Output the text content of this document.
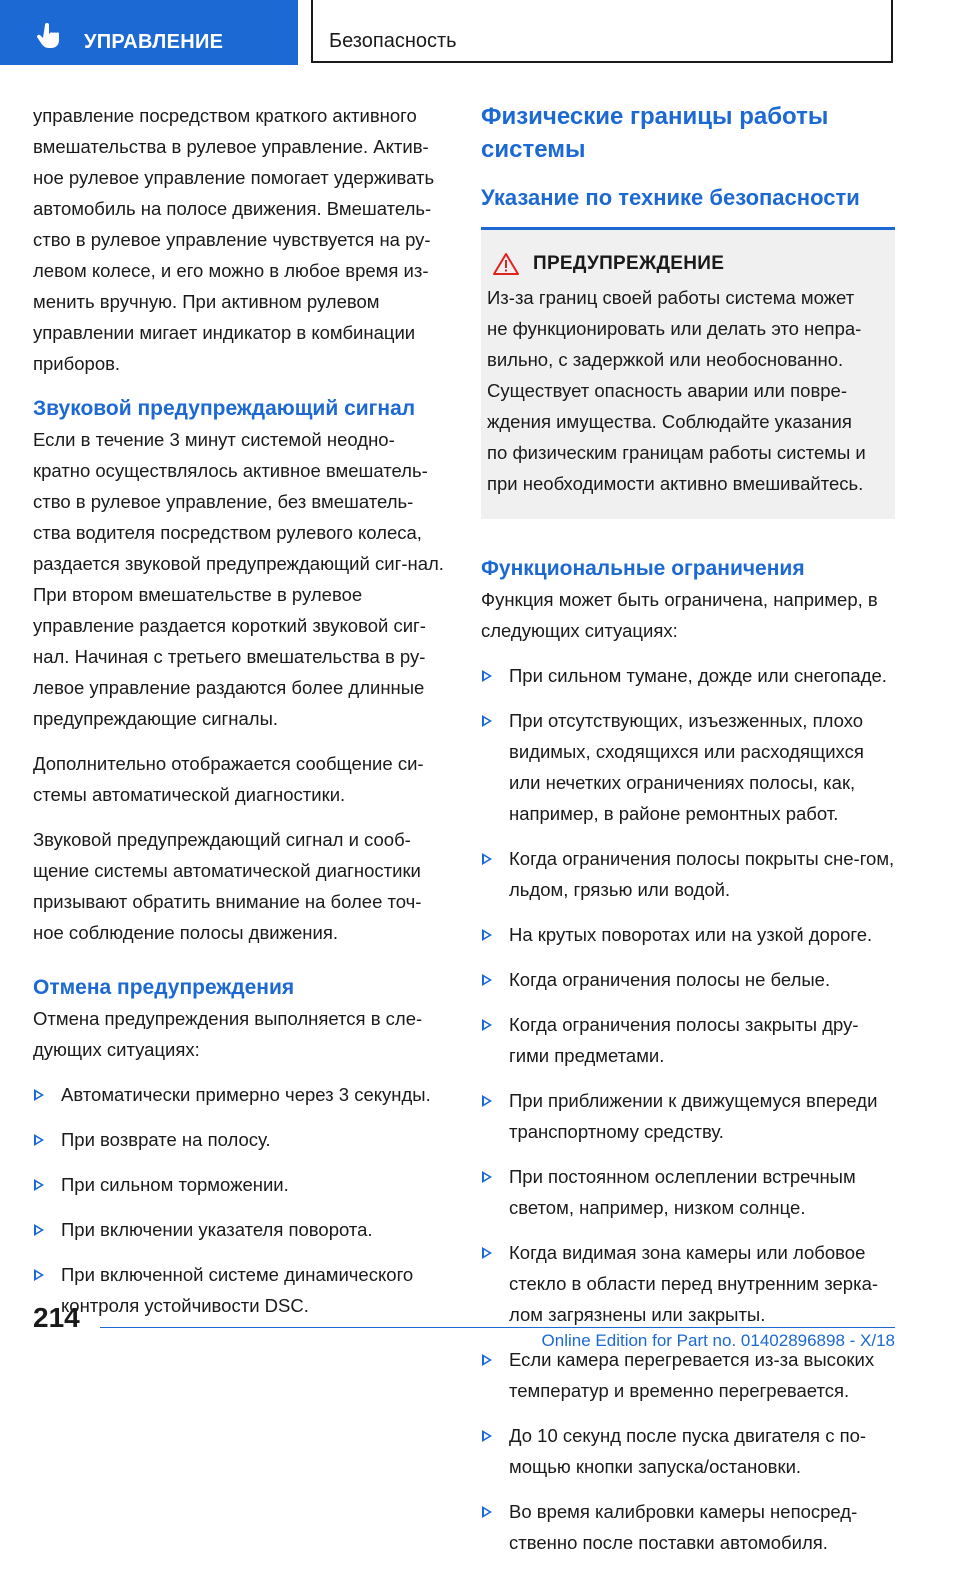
УПРАВЛЕНИЕ	Безопасность

управление посредством краткого активного вмешательства в рулевое управление. Актив-ное рулевое управление помогает удерживать автомобиль на полосе движения. Вмешатель-ство в рулевое управление чувствуется на ру-левом колесе, и его можно в любое время из-менить вручную. При активном рулевом управлении мигает индикатор в комбинации приборов.

Звуковой предупреждающий сигнал

Если в течение 3 минут системой неодно-кратно осуществлялось активное вмешатель-ство в рулевое управление, без вмешатель-ства водителя посредством рулевого колеса, раздается звуковой предупреждающий сиг-нал. При втором вмешательстве в рулевое управление раздается короткий звуковой сиг-нал. Начиная с третьего вмешательства в ру-левое управление раздаются более длинные предупреждающие сигналы.

Дополнительно отображается сообщение си-стемы автоматической диагностики.

Звуковой предупреждающий сигнал и сооб-щение системы автоматической диагностики призывают обратить внимание на более точ-ное соблюдение полосы движения.

Отмена предупреждения

Отмена предупреждения выполняется в сле-дующих ситуациях:

Автоматически примерно через 3 секунды.
При возврате на полосу.
При сильном торможении.
При включении указателя поворота.
При включенной системе динамического контроля устойчивости DSC.
Физические границы работы системы
Указание по технике безопасности
ПРЕДУПРЕЖДЕНИЕ

Из-за границ своей работы система может не функционировать или делать это непра-вильно, с задержкой или необоснованно. Существует опасность аварии или повре-ждения имущества. Соблюдайте указания по физическим границам работы системы и при необходимости активно вмешивайтесь.

Функциональные ограничения

Функция может быть ограничена, например, в следующих ситуациях:

При сильном тумане, дожде или снегопаде.
При отсутствующих, изъезженных, плохо видимых, сходящихся или расходящихся или нечетких ограничениях полосы, как, например, в районе ремонтных работ.
Когда ограничения полосы покрыты сне-гом, льдом, грязью или водой.
На крутых поворотах или на узкой дороге.
Когда ограничения полосы не белые.
Когда ограничения полосы закрыты дру-гими предметами.
При приближении к движущемуся впереди транспортному средству.
При постоянном ослеплении встречным светом, например, низком солнце.
Когда видимая зона камеры или лобовое стекло в области перед внутренним зерка-лом загрязнены или закрыты.
Если камера перегревается из-за высоких температур и временно перегревается.
До 10 секунд после пуска двигателя с по-мощью кнопки запуска/остановки.
Во время калибровки камеры непосред-ственно после поставки автомобиля.
214
Online Edition for Part no. 01402896898 - X/18
